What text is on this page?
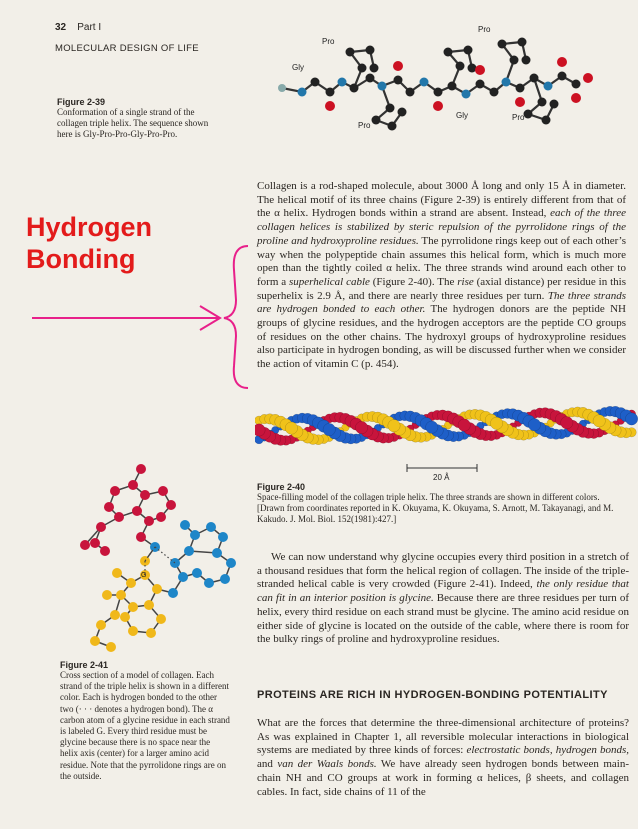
32 Part I
MOLECULAR DESIGN OF LIFE
Gly
Pro
Pro
Gly
Pro
Pro
Figure 2-39
Conformation of a single strand of the collagen triple helix. The sequence shown here is Gly-Pro-Pro-Gly-Pro-Pro.
Hydrogen
Bonding

Collagen is a rod-shaped molecule, about 3000 Å long and only 15 Å in diameter. The helical motif of its three chains (Figure 2-39) is entirely different from that of the α helix. Hydrogen bonds within a strand are absent. Instead, each of the three collagen helices is stabilized by steric repulsion of the pyrrolidone rings of the proline and hydroxyproline residues. The pyrrolidone rings keep out of each other’s way when the polypeptide chain assumes this helical form, which is much more open than the tightly coiled α helix. The three strands wind around each other to form a superhelical cable (Figure 2-40). The rise (axial distance) per residue in this superhelix is 2.9 Å, and there are nearly three residues per turn. The three strands are hydrogen bonded to each other. The hydrogen donors are the peptide NH groups of glycine residues, and the hydrogen acceptors are the peptide CO groups of residues on the other chains. The hydroxyl groups of hydroxyproline residues also participate in hydrogen bonding, as will be discussed further when we consider the action of vitamin C (p. 454).

20 Å
Figure 2-40
Space-filling model of the collagen triple helix. The three strands are shown in different colors. [Drawn from coordinates reported in K. Okuyama, K. Okuyama, S. Arnott, M. Takayanagi, and M. Kakudo. J. Mol. Biol. 152(1981):427.]
G
Figure 2-41
Cross section of a model of collagen. Each strand of the triple helix is shown in a different color. Each is hydrogen bonded to the other two (· · · denotes a hydrogen bond). The α carbon atom of a glycine residue in each strand is labeled G. Every third residue must be glycine because there is no space near the helix axis (center) for a larger amino acid residue. Note that the pyrrolidone rings are on the outside.

We can now understand why glycine occupies every third position in a stretch of a thousand residues that form the helical region of collagen. The inside of the triple-stranded helical cable is very crowded (Figure 2-41). Indeed, the only residue that can fit in an interior position is glycine. Because there are three residues per turn of helix, every third residue on each strand must be glycine. The amino acid residue on either side of glycine is located on the outside of the cable, where there is room for the bulky rings of proline and hydroxyproline residues.

PROTEINS ARE RICH IN HYDROGEN-BONDING POTENTIALITY

What are the forces that determine the three-dimensional architecture of proteins? As was explained in Chapter 1, all reversible molecular interactions in biological systems are mediated by three kinds of forces: electrostatic bonds, hydrogen bonds, and van der Waals bonds. We have already seen hydrogen bonds between main-chain NH and CO groups at work in forming α helices, β sheets, and collagen cables. In fact, side chains of 11 of the
